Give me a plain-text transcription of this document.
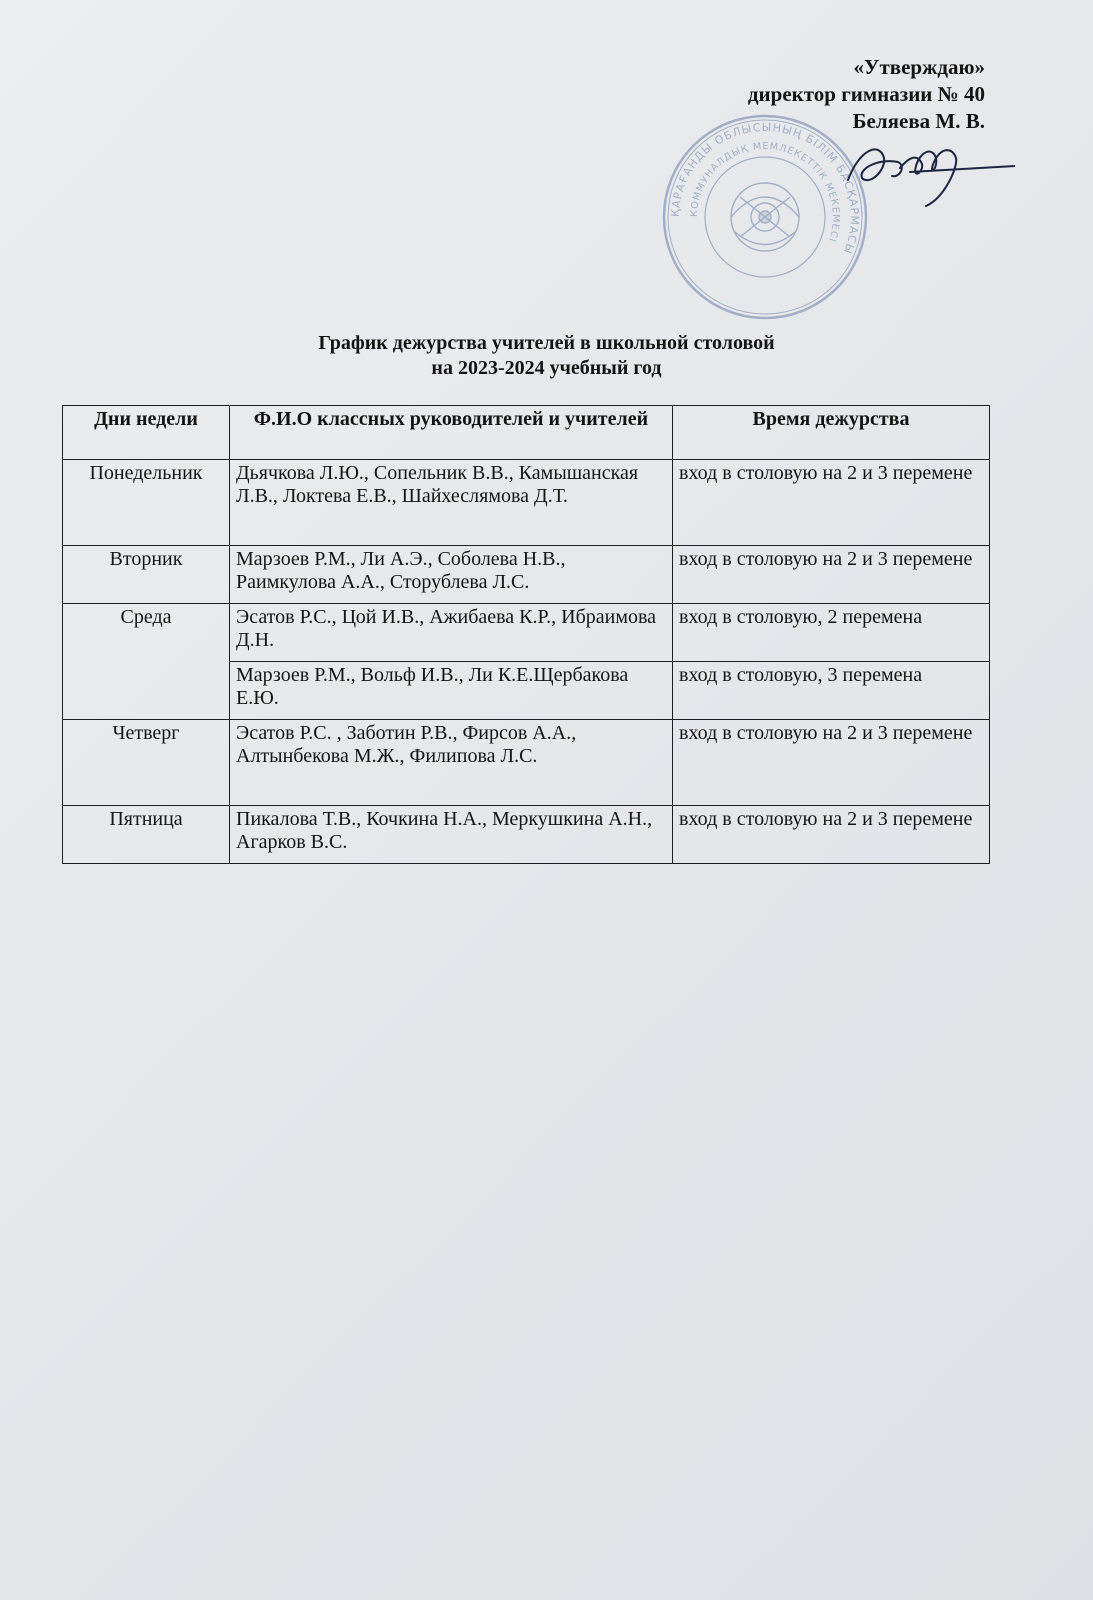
«Утверждаю»
директор гимназии № 40
Беляева М. В.
ҚАРАҒАНДЫ ОБЛЫСЫНЫҢ БІЛІМ БАСҚАРМАСЫ
КОММУНАЛДЫҚ МЕМЛЕКЕТТІК МЕКЕМЕСІ
График дежурства учителей в школьной столовой
на 2023-2024 учебный год
Дни недели	Ф.И.О классных руководителей и учителей	Время дежурства
Понедельник	Дьячкова Л.Ю., Сопельник В.В., Камышанская Л.В., Локтева Е.В., Шайхеслямова Д.Т.	вход в столовую на 2 и 3 перемене
Вторник	Марзоев Р.М., Ли А.Э., Соболева Н.В., Раимкулова А.А., Сторублева Л.С.	вход в столовую на 2 и 3 перемене
Среда	Эсатов Р.С., Цой И.В., Ажибаева К.Р., Ибраимова Д.Н.	вход в столовую, 2 перемена
	Марзоев Р.М., Вольф И.В., Ли К.Е.Щербакова Е.Ю.	вход в столовую, 3 перемена
Четверг	Эсатов Р.С. , Заботин Р.В., Фирсов А.А., Алтынбекова М.Ж., Филипова Л.С.	вход в столовую на 2 и 3 перемене
Пятница	Пикалова Т.В., Кочкина Н.А., Меркушкина А.Н., Агарков В.С.	вход в столовую на 2 и 3 перемене
